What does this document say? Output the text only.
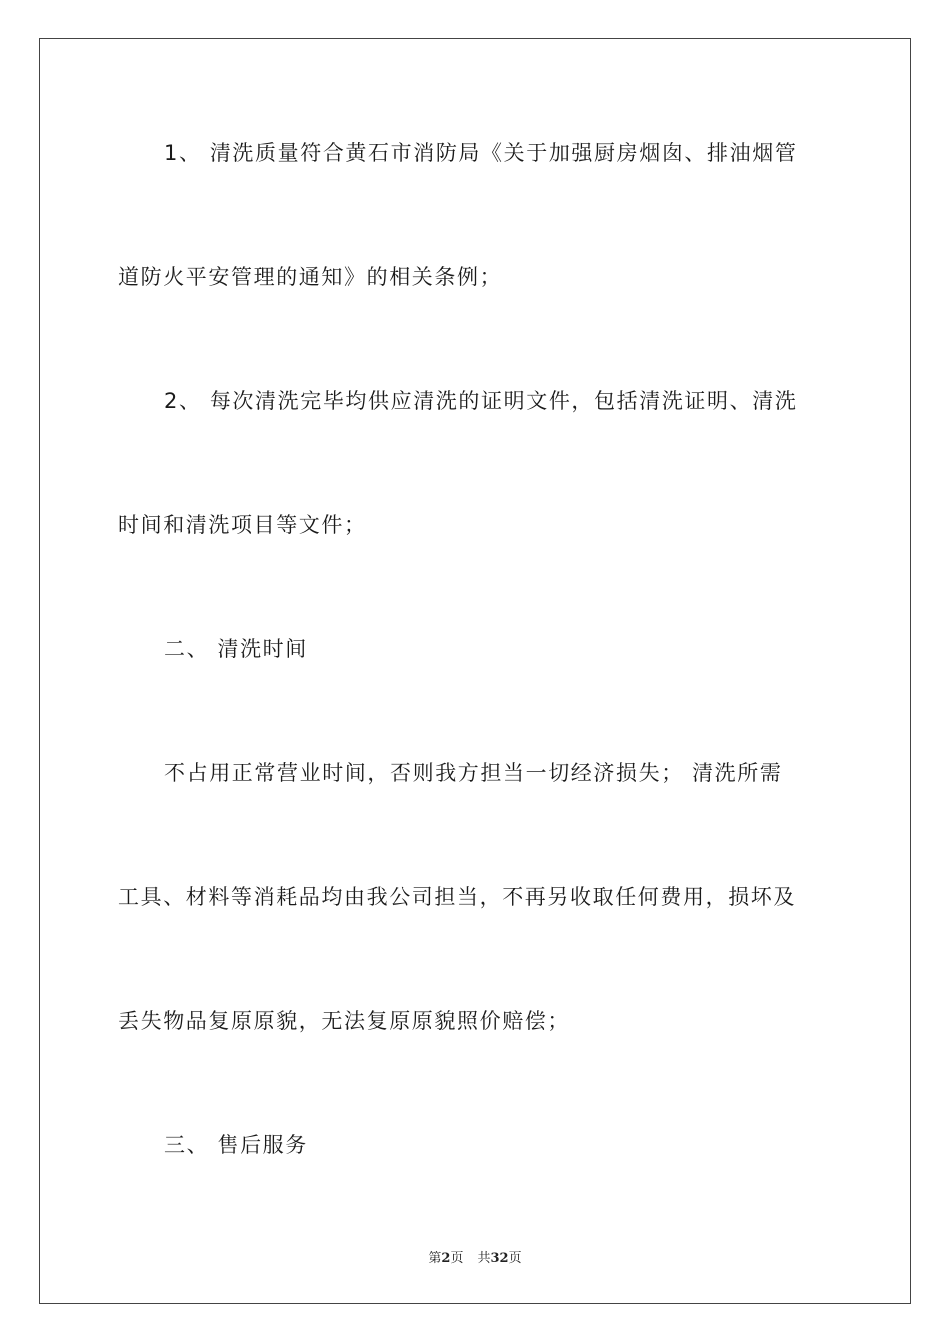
1、 清洗质量符合黄石市消防局《关于加强厨房烟囱、排油烟管
道防火平安管理的通知》的相关条例；
2、 每次清洗完毕均供应清洗的证明文件，包括清洗证明、清洗
时间和清洗项目等文件；
二、 清洗时间
不占用正常营业时间，否则我方担当一切经济损失； 清洗所需
工具、材料等消耗品均由我公司担当，不再另收取任何费用，损坏及
丢失物品复原原貌，无法复原原貌照价赔偿；
三、 售后服务
第2页 共32页
